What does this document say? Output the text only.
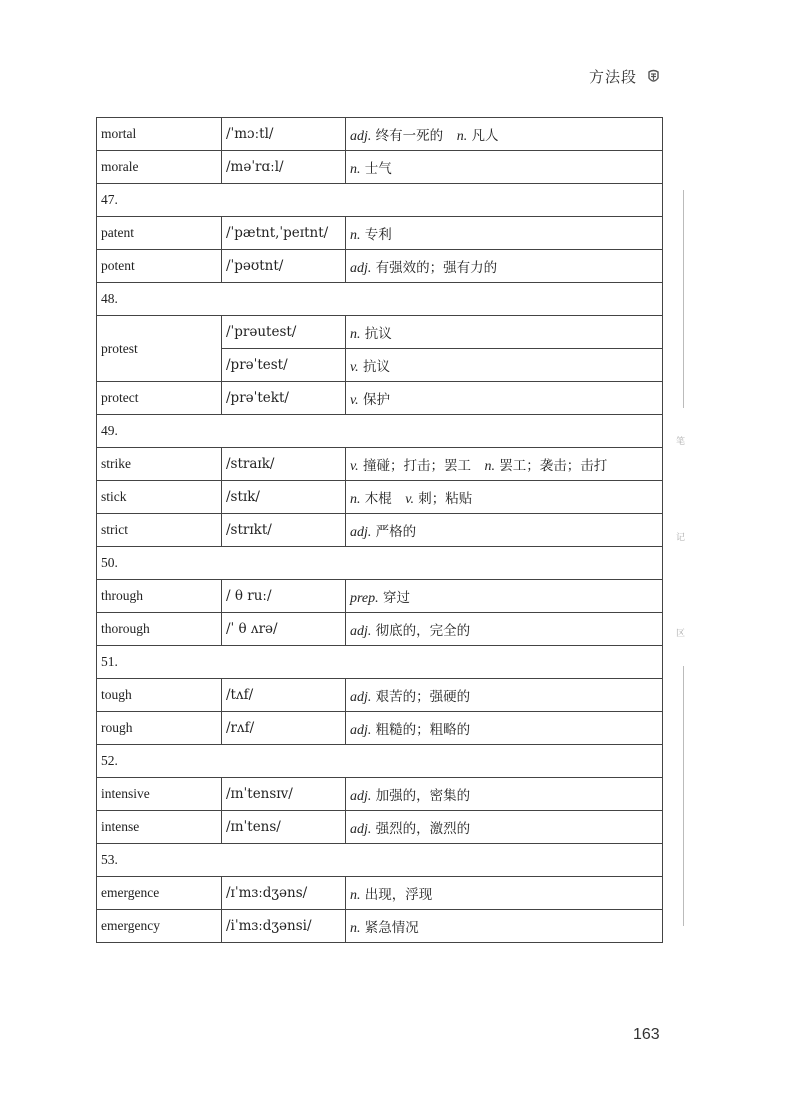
方法段
笔
记
区
mortal	/ˈmɔːtl/	adj. 终有一死的　n. 凡人
morale	/məˈrɑːl/	n. 士气
47.		
patent	/ˈpætnt,ˈpeɪtnt/	n. 专利
potent	/ˈpəʊtnt/	adj. 有强效的；强有力的
48.		
protest	/ˈprəutest/	n. 抗议
	/prəˈtest/	v. 抗议
protect	/prəˈtekt/	v. 保护
49.		
strike	/straɪk/	v. 撞碰；打击；罢工　n. 罢工；袭击；击打
stick	/stɪk/	n. 木棍　v. 刺；粘贴
strict	/strɪkt/	adj. 严格的
50.		
through	/ θ ruː/	prep. 穿过
thorough	/ˈ θ ʌrə/	adj. 彻底的，完全的
51.		
tough	/tʌf/	adj. 艰苦的；强硬的
rough	/rʌf/	adj. 粗糙的；粗略的
52.		
intensive	/ɪnˈtensɪv/	adj. 加强的，密集的
intense	/ɪnˈtens/	adj. 强烈的，激烈的
53.		
emergence	/ɪˈmɜːdʒəns/	n. 出现，浮现
emergency	/iˈmɜːdʒənsi/	n. 紧急情况
163
